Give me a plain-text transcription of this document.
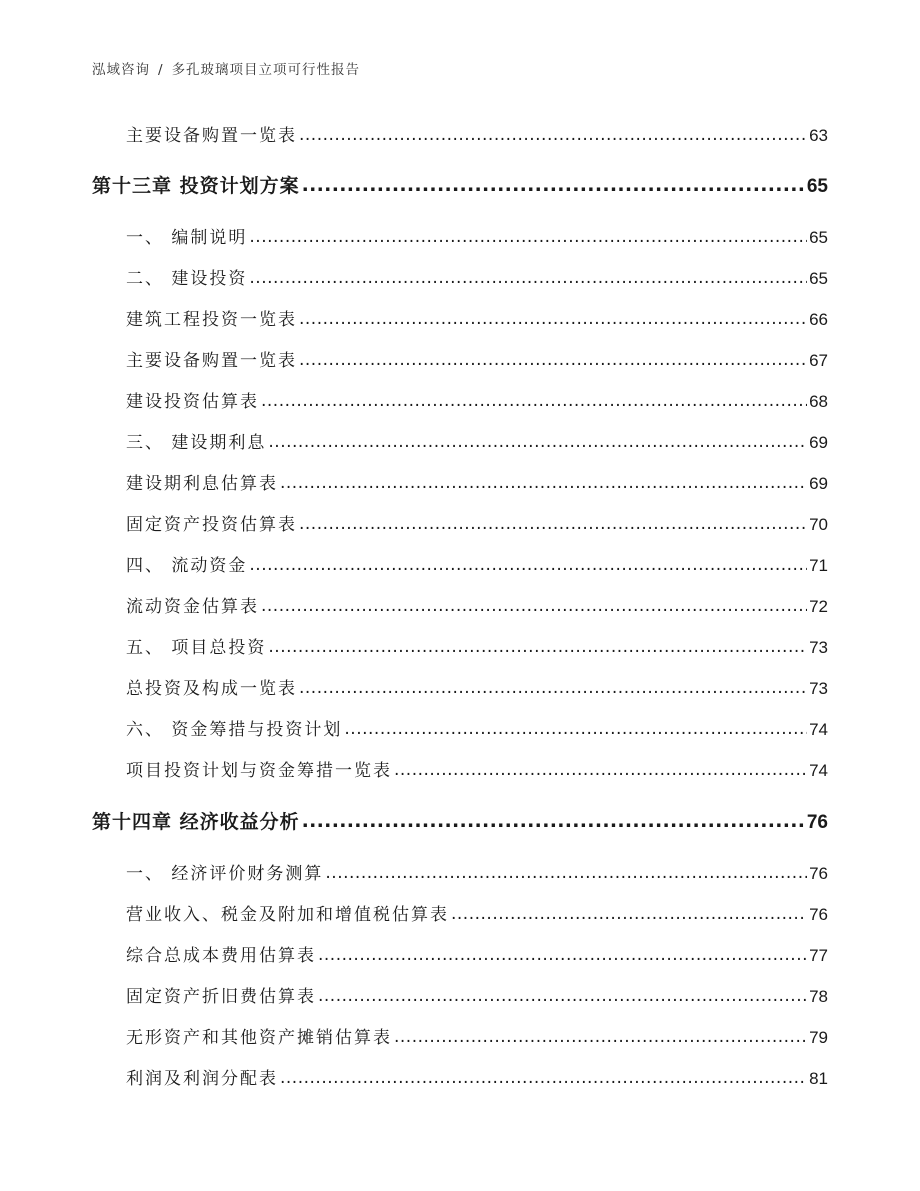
泓域咨询 / 多孔玻璃项目立项可行性报告
主要设备购置一览表 .....	63
第十三章 投资计划方案 .....	65
一、 编制说明 .....	65
二、 建设投资 .....	65
建筑工程投资一览表 .....	66
主要设备购置一览表 .....	67
建设投资估算表 .....	68
三、 建设期利息 .....	69
建设期利息估算表 .....	69
固定资产投资估算表 .....	70
四、 流动资金 .....	71
流动资金估算表 .....	72
五、 项目总投资 .....	73
总投资及构成一览表 .....	73
六、 资金筹措与投资计划 .....	74
项目投资计划与资金筹措一览表 .....	74
第十四章 经济收益分析 .....	76
一、 经济评价财务测算 .....	76
营业收入、税金及附加和增值税估算表 .....	76
综合总成本费用估算表 .....	77
固定资产折旧费估算表 .....	78
无形资产和其他资产摊销估算表 .....	79
利润及利润分配表 .....	81
